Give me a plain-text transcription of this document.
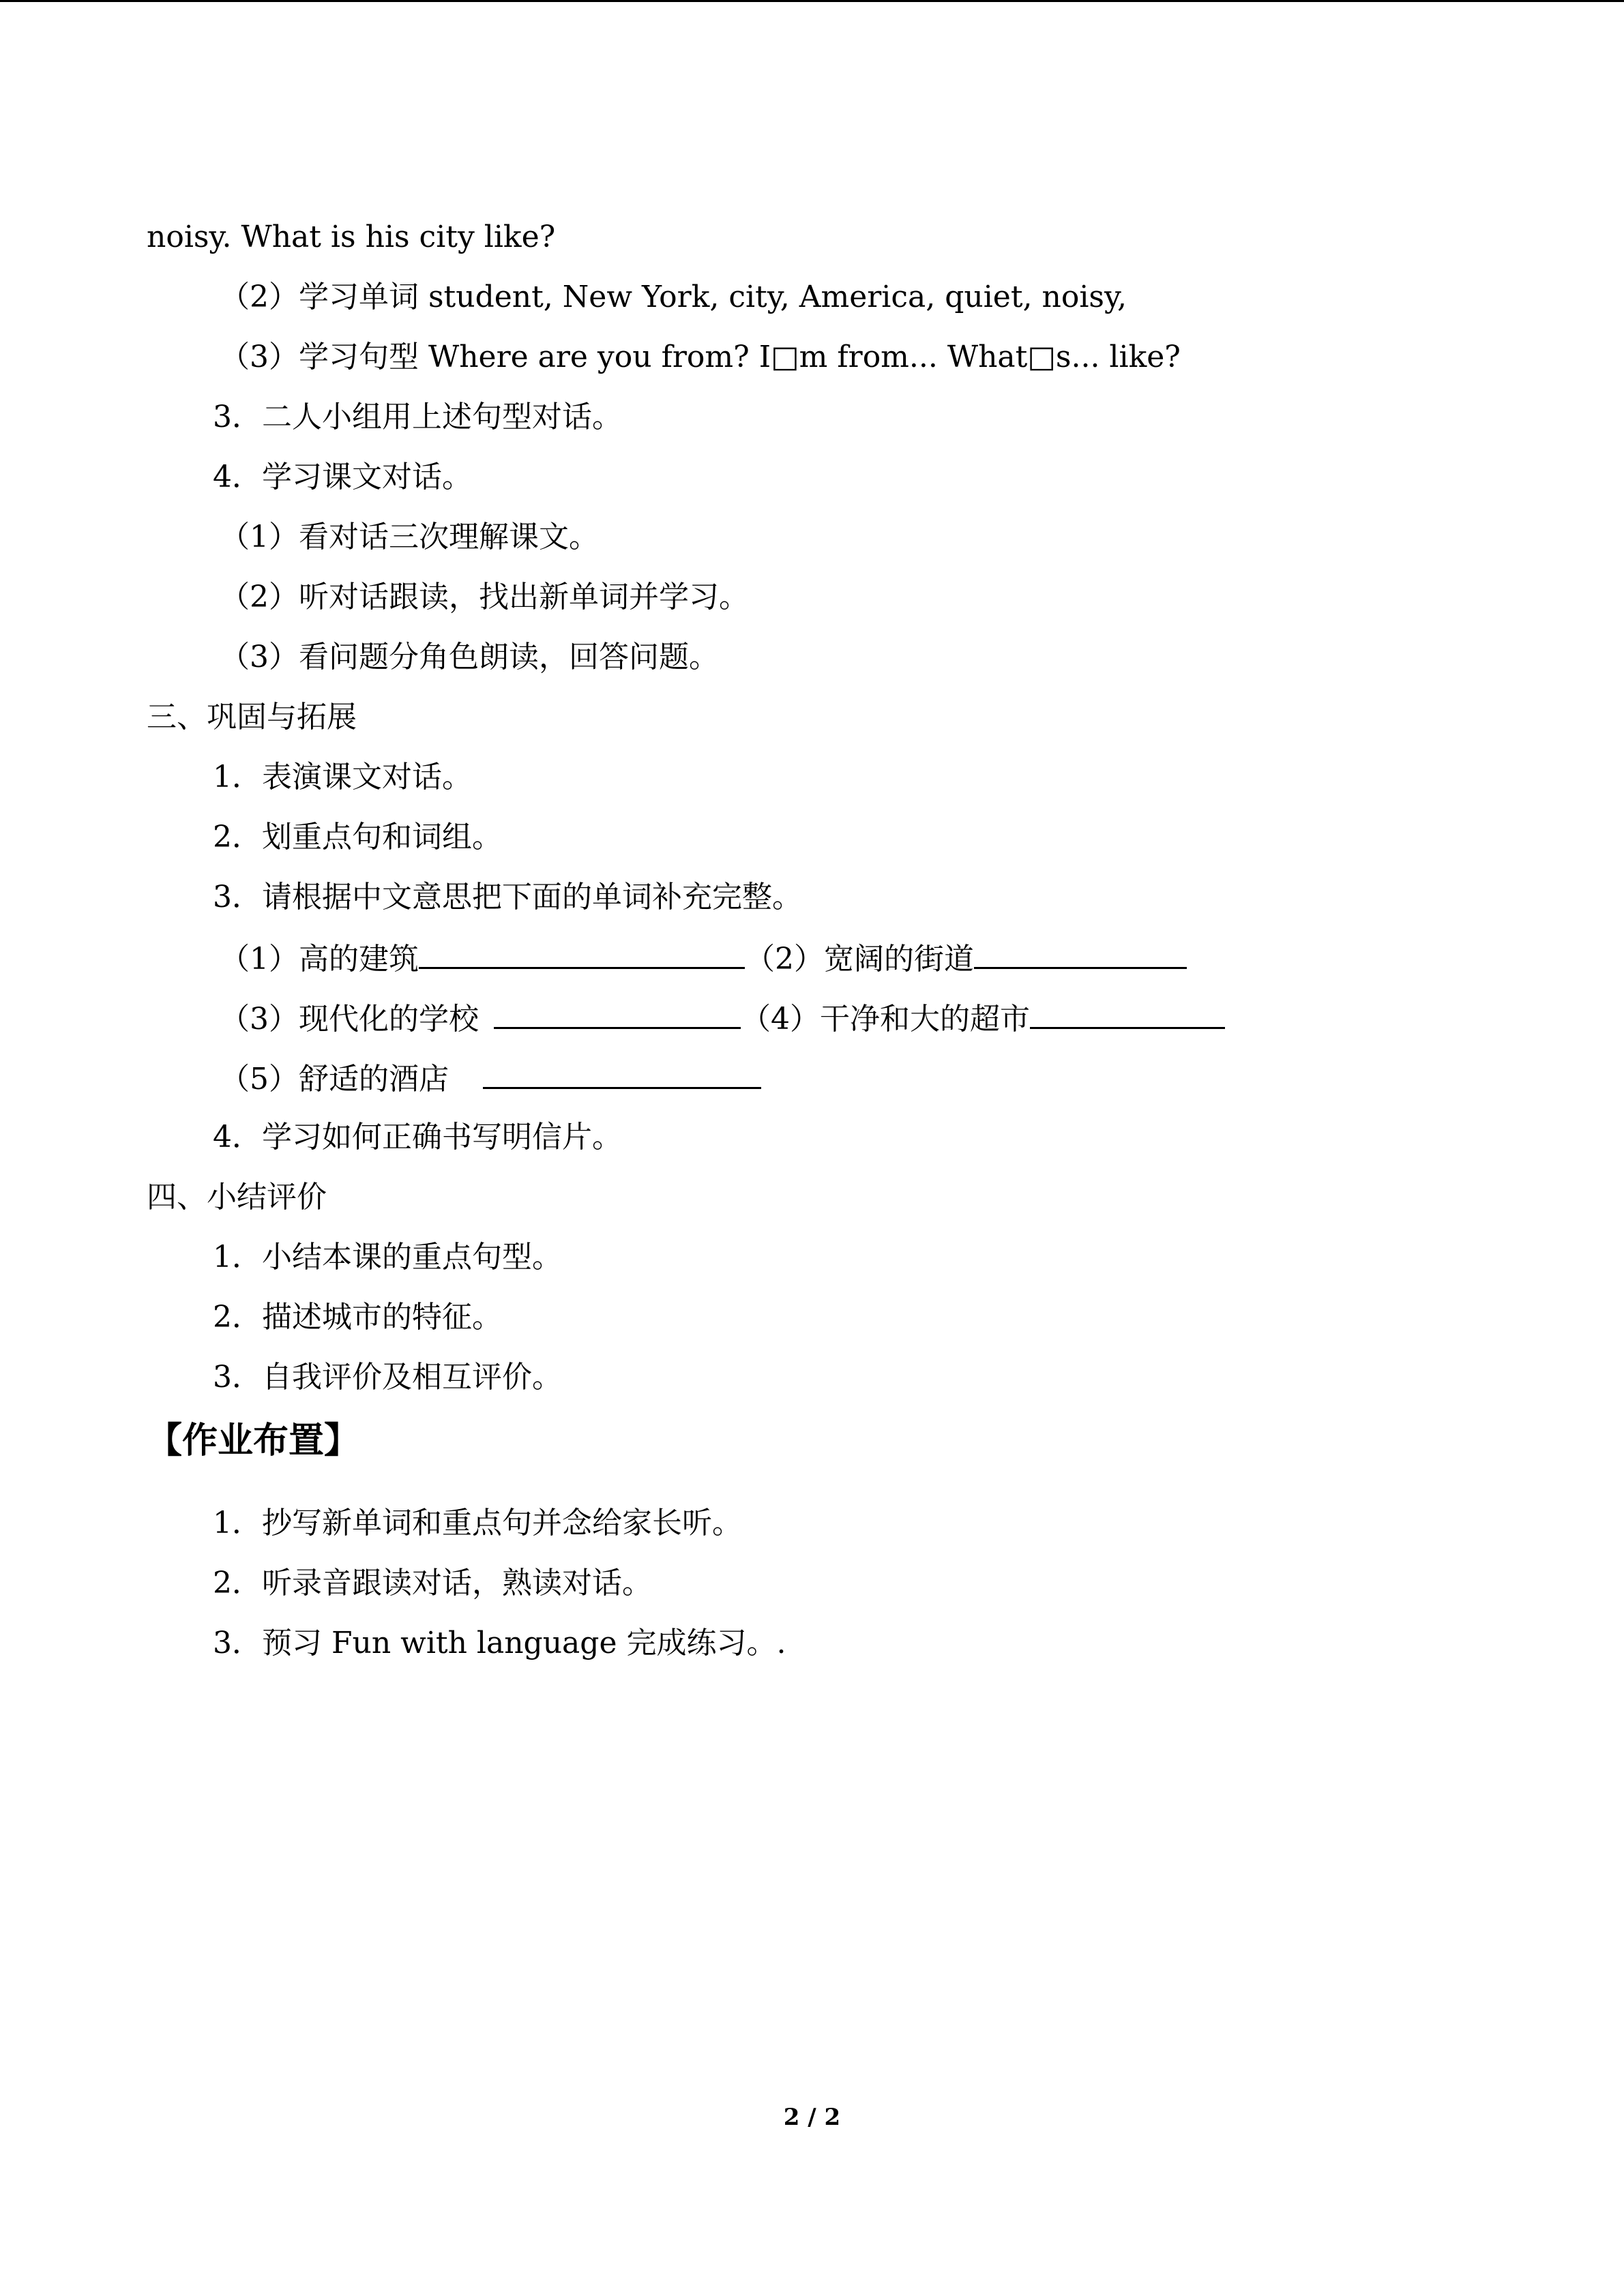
noisy. What is his city like?
（2）学习单词 student, New York, city, America, quiet, noisy,
（3）学习句型 Where are you from? I□m from... What□s... like?
3．二人小组用上述句型对话。
4．学习课文对话。
（1）看对话三次理解课文。
（2）听对话跟读，找出新单词并学习。
（3）看问题分角色朗读，回答问题。
三、巩固与拓展
1．表演课文对话。
2．划重点句和词组。
3．请根据中文意思把下面的单词补充完整。
（1）高的建筑	（2）宽阔的街道
（3）现代化的学校	（4）干净和大的超市
（5）舒适的酒店
4．学习如何正确书写明信片。
四、小结评价
1．小结本课的重点句型。
2．描述城市的特征。
3．自我评价及相互评价。
【作业布置】
1．抄写新单词和重点句并念给家长听。
2．听录音跟读对话，熟读对话。
3．预习 Fun with language 完成练习。.
2 / 2
